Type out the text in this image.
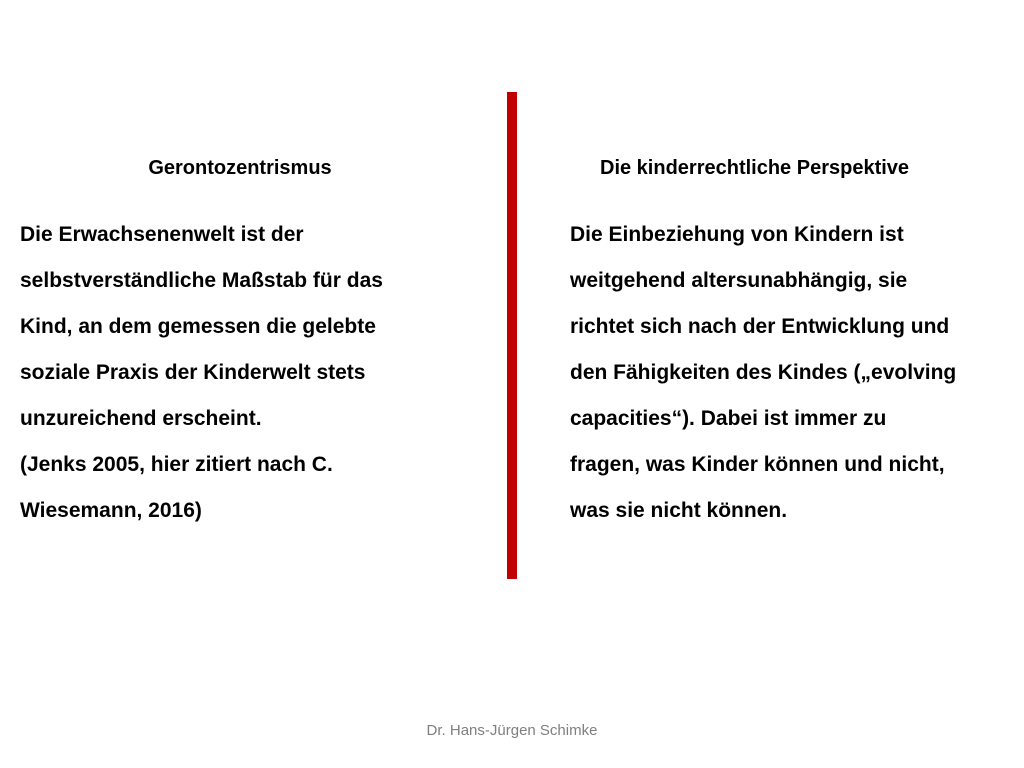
Gerontozentrismus
Die Erwachsenenwelt ist der
selbstverständliche Maßstab für das
Kind, an dem gemessen die gelebte
soziale Praxis der Kinderwelt stets
unzureichend erscheint.
(Jenks 2005, hier zitiert nach C.
Wiesemann, 2016)
Die kinderrechtliche Perspektive
Die Einbeziehung von Kindern ist
weitgehend altersunabhängig, sie
richtet sich nach der Entwicklung und
den Fähigkeiten des Kindes („evolving
capacities“). Dabei ist immer zu
fragen, was Kinder können und nicht,
was sie nicht können.
Dr. Hans-Jürgen Schimke
